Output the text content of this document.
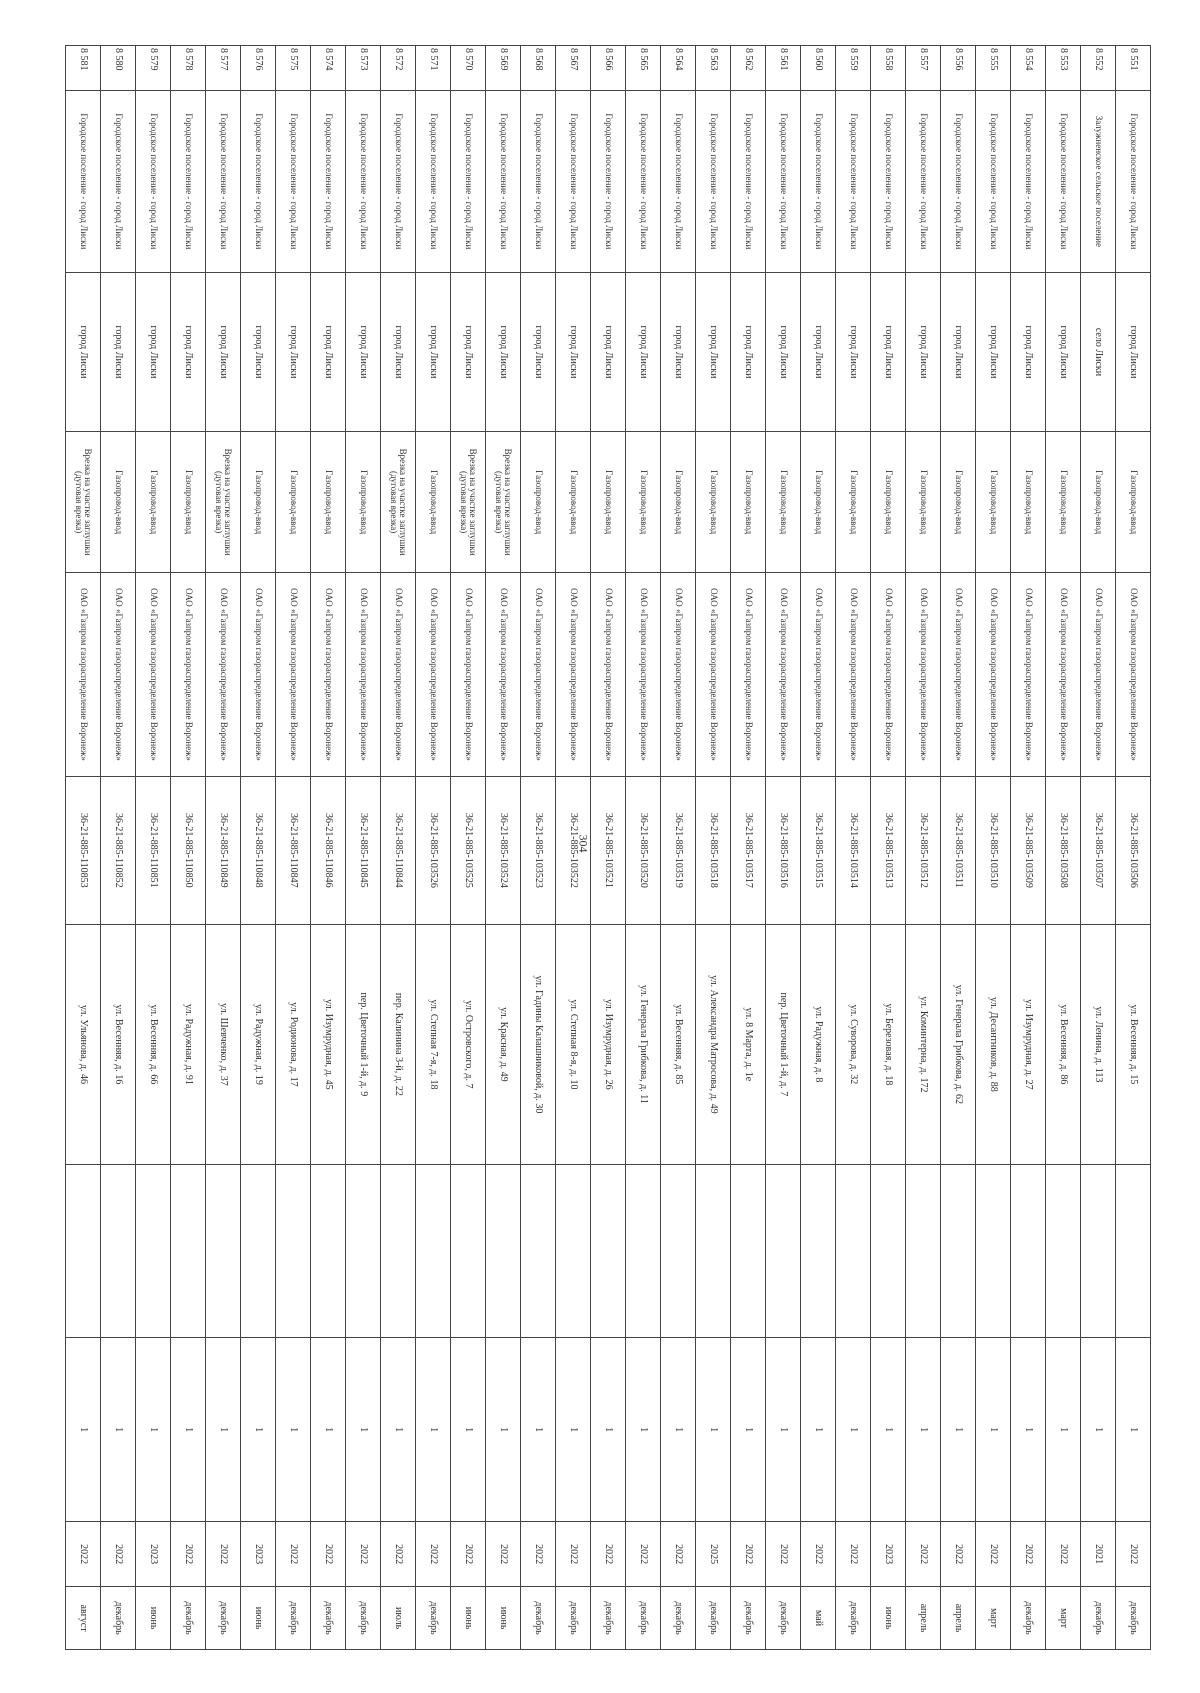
304
8 551	Городское поселение - город Лиски	город Лиски	Газопровод-ввод	ОАО «Газпром газораспределение Воронеж»	36-21-885-103506	ул. Весенняя, д. 15		1	2022	декабрь
8 552	Залужненское сельское поселение	село Лиски	Газопровод-ввод	ОАО «Газпром газораспределение Воронеж»	36-21-885-103507	ул. Ленина, д. 113		1	2021	декабрь
8 553	Городское поселение - город Лиски	город Лиски	Газопровод-ввод	ОАО «Газпром газораспределение Воронеж»	36-21-885-103508	ул. Весенняя, д. 86		1	2022	март
8 554	Городское поселение - город Лиски	город Лиски	Газопровод-ввод	ОАО «Газпром газораспределение Воронеж»	36-21-885-103509	ул. Изумрудная, д. 27		1	2022	декабрь
8 555	Городское поселение - город Лиски	город Лиски	Газопровод-ввод	ОАО «Газпром газораспределение Воронеж»	36-21-885-103510	ул. Десантников, д. 88		1	2022	март
8 556	Городское поселение - город Лиски	город Лиски	Газопровод-ввод	ОАО «Газпром газораспределение Воронеж»	36-21-885-103511	ул. Генерала Грибкова, д. 62		1	2022	апрель
8 557	Городское поселение - город Лиски	город Лиски	Газопровод-ввод	ОАО «Газпром газораспределение Воронеж»	36-21-885-103512	ул. Коминтерна, д. 172		1	2022	апрель
8 558	Городское поселение - город Лиски	город Лиски	Газопровод-ввод	ОАО «Газпром газораспределение Воронеж»	36-21-885-103513	ул. Березовая, д. 18		1	2023	июнь
8 559	Городское поселение - город Лиски	город Лиски	Газопровод-ввод	ОАО «Газпром газораспределение Воронеж»	36-21-885-103514	ул. Суворова, д. 32		1	2022	декабрь
8 560	Городское поселение - город Лиски	город Лиски	Газопровод-ввод	ОАО «Газпром газораспределение Воронеж»	36-21-885-103515	ул. Радужная, д. 8		1	2022	май
8 561	Городское поселение - город Лиски	город Лиски	Газопровод-ввод	ОАО «Газпром газораспределение Воронеж»	36-21-885-103516	пер. Цветочный 1-й, д. 7		1	2022	декабрь
8 562	Городское поселение - город Лиски	город Лиски	Газопровод-ввод	ОАО «Газпром газораспределение Воронеж»	36-21-885-103517	ул. 8 Марта, д. 1е		1	2022	декабрь
8 563	Городское поселение - город Лиски	город Лиски	Газопровод-ввод	ОАО «Газпром газораспределение Воронеж»	36-21-885-103518	ул. Александра Матросова, д. 49		1	2025	декабрь
8 564	Городское поселение - город Лиски	город Лиски	Газопровод-ввод	ОАО «Газпром газораспределение Воронеж»	36-21-885-103519	ул. Весенняя, д. 85		1	2022	декабрь
8 565	Городское поселение - город Лиски	город Лиски	Газопровод-ввод	ОАО «Газпром газораспределение Воронеж»	36-21-885-103520	ул. Генерала Грибкова, д. 11		1	2022	декабрь
8 566	Городское поселение - город Лиски	город Лиски	Газопровод-ввод	ОАО «Газпром газораспределение Воронеж»	36-21-885-103521	ул. Изумрудная, д. 26		1	2022	декабрь
8 567	Городское поселение - город Лиски	город Лиски	Газопровод-ввод	ОАО «Газпром газораспределение Воронеж»	36-21-885-103522	ул. Степная 8-я, д. 10		1	2022	декабрь
8 568	Городское поселение - город Лиски	город Лиски	Газопровод-ввод	ОАО «Газпром газораспределение Воронеж»	36-21-885-103523	ул. Гадины Калашниковой, д. 30		1	2022	декабрь
8 569	Городское поселение - город Лиски	город Лиски	Врезка на участке заглушки (дуговая врезка)	ОАО «Газпром газораспределение Воронеж»	36-21-885-103524	ул. Красная, д. 49		1	2022	июнь
8 570	Городское поселение - город Лиски	город Лиски	Врезка на участке заглушки (дуговая врезка)	ОАО «Газпром газораспределение Воронеж»	36-21-885-103525	ул. Островского, д. 7		1	2022	июнь
8 571	Городское поселение - город Лиски	город Лиски	Газопровод-ввод	ОАО «Газпром газораспределение Воронеж»	36-21-885-103526	ул. Степная 7-я, д. 18		1	2022	декабрь
8 572	Городское поселение - город Лиски	город Лиски	Врезка на участке заглушки (дуговая врезка)	ОАО «Газпром газораспределение Воронеж»	36-21-885-110844	пер. Калинина 3-й, д. 22		1	2022	июль
8 573	Городское поселение - город Лиски	город Лиски	Газопровод-ввод	ОАО «Газпром газораспределение Воронеж»	36-21-885-110845	пер. Цветочный 1-й, д. 9		1	2022	декабрь
8 574	Городское поселение - город Лиски	город Лиски	Газопровод-ввод	ОАО «Газпром газораспределение Воронеж»	36-21-885-110846	ул. Изумрудная, д. 45		1	2022	декабрь
8 575	Городское поселение - город Лиски	город Лиски	Газопровод-ввод	ОАО «Газпром газораспределение Воронеж»	36-21-885-110847	ул. Родионова, д. 17		1	2022	декабрь
8 576	Городское поселение - город Лиски	город Лиски	Газопровод-ввод	ОАО «Газпром газораспределение Воронеж»	36-21-885-110848	ул. Радужная, д. 19		1	2023	июнь
8 577	Городское поселение - город Лиски	город Лиски	Врезка на участке заглушки (дуговая врезка)	ОАО «Газпром газораспределение Воронеж»	36-21-885-110849	ул. Шевченко, д. 37		1	2022	декабрь
8 578	Городское поселение - город Лиски	город Лиски	Газопровод-ввод	ОАО «Газпром газораспределение Воронеж»	36-21-885-110850	ул. Радужная, д. 91		1	2022	декабрь
8 579	Городское поселение - город Лиски	город Лиски	Газопровод-ввод	ОАО «Газпром газораспределение Воронеж»	36-21-885-110851	ул. Весенняя, д. 66		1	2023	июнь
8 580	Городское поселение - город Лиски	город Лиски	Газопровод-ввод	ОАО «Газпром газораспределение Воронеж»	36-21-885-110852	ул. Весенняя, д. 16		1	2022	декабрь
8 581	Городское поселение - город Лиски	город Лиски	Врезка на участке заглушки (дуговая врезка)	ОАО «Газпром газораспределение Воронеж»	36-21-885-110853	ул. Ульянова, д. 46		1	2022	август
